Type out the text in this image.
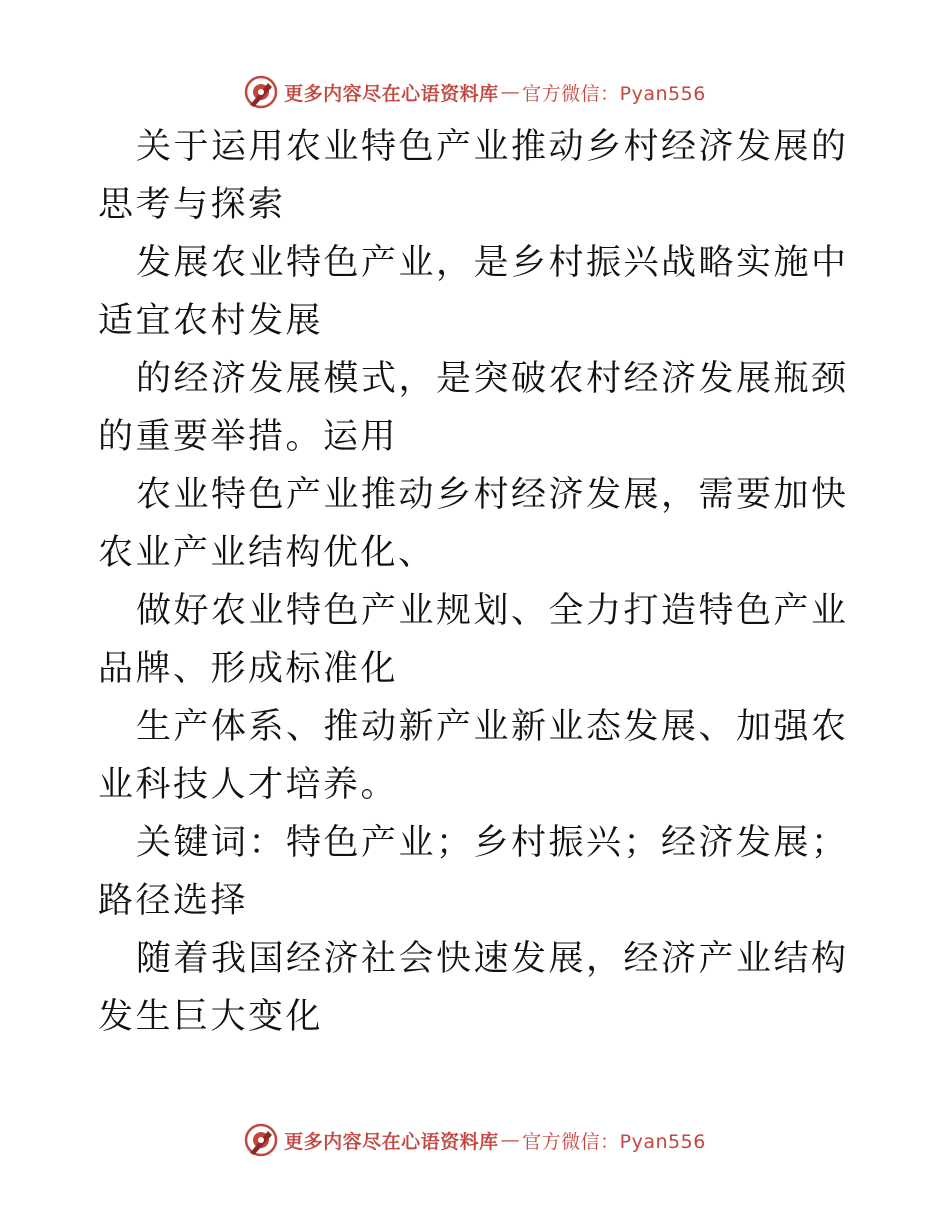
更多内容尽在心语资料库 — 官方微信：Pyan556

关于运用农业特色产业推动乡村经济发展的思考与探索

发展农业特色产业，是乡村振兴战略实施中适宜农村发展

的经济发展模式，是突破农村经济发展瓶颈的重要举措。运用

农业特色产业推动乡村经济发展，需要加快农业产业结构优化、

做好农业特色产业规划、全力打造特色产业品牌、形成标准化

生产体系、推动新产业新业态发展、加强农业科技人才培养。

关键词：特色产业；乡村振兴；经济发展；路径选择

随着我国经济社会快速发展，经济产业结构发生巨大变化

更多内容尽在心语资料库 — 官方微信：Pyan556
